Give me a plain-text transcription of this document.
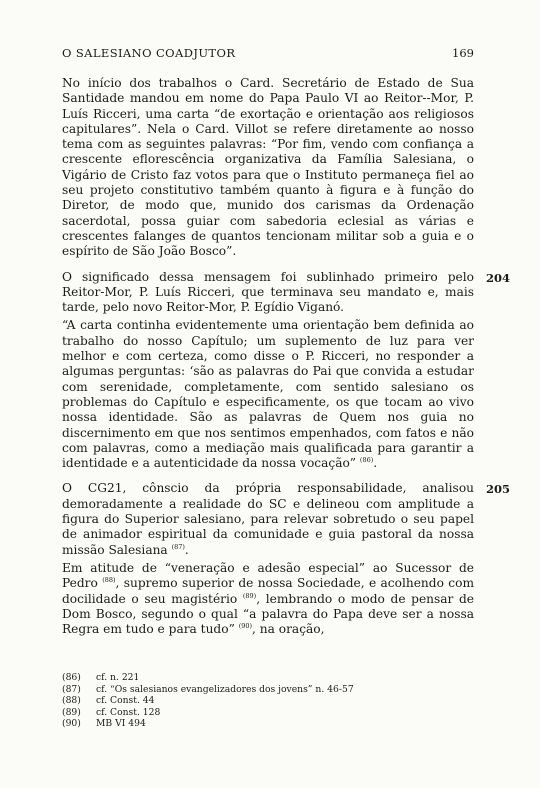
O SALESIANO COADJUTOR	169

No início dos trabalhos o Card. Secretário de Estado de Sua Santidade mandou em nome do Papa Paulo VI ao Reitor--Mor, P. Luís Ricceri, uma carta “de exortação e orientação aos religiosos capitulares”. Nela o Card. Villot se refere diretamente ao nosso tema com as seguintes palavras: “Por fim, vendo com confiança a crescente eflorescência organizativa da Família Salesiana, o Vigário de Cristo faz votos para que o Instituto permaneça fiel ao seu projeto constitutivo também quanto à figura e à função do Diretor, de modo que, munido dos carismas da Ordenação sacerdotal, possa guiar com sabedoria eclesial as várias e crescentes falanges de quantos tencionam militar sob a guia e o espírito de São João Bosco”.

204

O significado dessa mensagem foi sublinhado primeiro pelo Reitor-Mor, P. Luís Ricceri, que terminava seu mandato e, mais tarde, pelo novo Reitor-Mor, P. Egídio Viganó.

“A carta continha evidentemente uma orientação bem definida ao trabalho do nosso Capítulo; um suplemento de luz para ver melhor e com certeza, como disse o P. Ricceri, no responder a algumas perguntas: ‘são as palavras do Pai que convida a estudar com serenidade, completamente, com sentido salesiano os problemas do Capítulo e especificamente, os que tocam ao vivo nossa identidade. São as palavras de Quem nos guia no discernimento em que nos sentimos empenhados, com fatos e não com palavras, como a mediação mais qualificada para garantir a identidade e a autenticidade da nossa vocação” $^{(86)}$.

205

O CG21, cônscio da própria responsabilidade, analisou demoradamente a realidade do SC e delineou com amplitude a figura do Superior salesiano, para relevar sobretudo o seu papel de animador espiritual da comunidade e guia pastoral da nossa missão Salesiana $^{(87)}$.

Em atitude de “veneração e adesão especial” ao Sucessor de Pedro $^{(88)}$, supremo superior de nossa Sociedade, e acolhendo com docilidade o seu magistério $^{(89)}$, lembrando o modo de pensar de Dom Bosco, segundo o qual “a palavra do Papa deve ser a nossa Regra em tudo e para tudo” $^{(90)}$, na oração,

(86)	cf. n. 221
(87)	cf. “Os salesianos evangelizadores dos jovens” n. 46-57
(88)	cf. Const. 44
(89)	cf. Const. 128
(90)	MB VI 494
